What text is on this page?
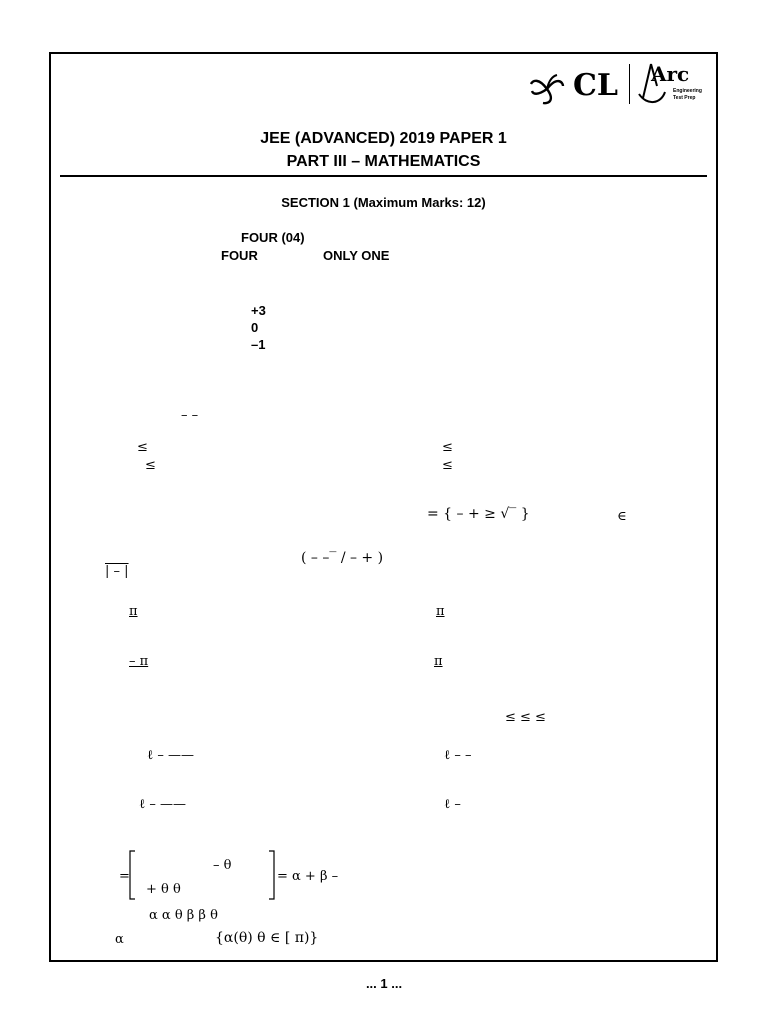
CL Arc
Engineering
Test Prep
JEE (ADVANCED) 2019 PAPER 1
PART III – MATHEMATICS
SECTION 1 (Maximum Marks: 12)
FOUR (04)
FOUR	ONLY ONE
+3
0
–1
– –
≤
≤
≤
≤
= { – + ≥ √‾ }	∈
| – |
( – –‾ / – + )
π	π
– π	π
≤ ≤ ≤
ℓ – ——	ℓ – –
ℓ – ——	ℓ –
=
– θ
+ θ θ
= α + β –
α α θ β β θ
α	{α(θ) θ ∈ [ π)}
... 1 ...
